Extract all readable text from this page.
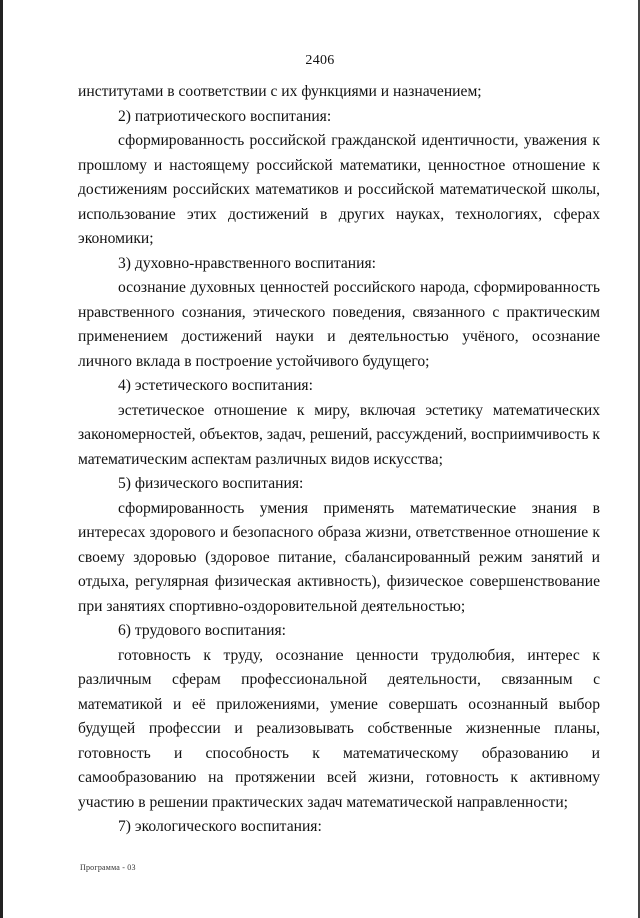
2406

институтами в соответствии с их функциями и назначением;

2) патриотического воспитания:

сформированность российской гражданской идентичности, уважения к прошлому и настоящему российской математики, ценностное отношение к достижениям российских математиков и российской математической школы, использование этих достижений в других науках, технологиях, сферах экономики;

3) духовно-нравственного воспитания:

осознание духовных ценностей российского народа, сформированность нравственного сознания, этического поведения, связанного с практическим применением достижений науки и деятельностью учёного, осознание личного вклада в построение устойчивого будущего;

4) эстетического воспитания:

эстетическое отношение к миру, включая эстетику математических закономерностей, объектов, задач, решений, рассуждений, восприимчивость к математическим аспектам различных видов искусства;

5) физического воспитания:

сформированность умения применять математические знания в интересах здорового и безопасного образа жизни, ответственное отношение к своему здоровью (здоровое питание, сбалансированный режим занятий и отдыха, регулярная физическая активность), физическое совершенствование при занятиях спортивно-оздоровительной деятельностью;

6) трудового воспитания:

готовность к труду, осознание ценности трудолюбия, интерес к различным сферам профессиональной деятельности, связанным с математикой и её приложениями, умение совершать осознанный выбор будущей профессии и реализовывать собственные жизненные планы, готовность и способность к математическому образованию и самообразованию на протяжении всей жизни, готовность к активному участию в решении практических задач математической направленности;

7) экологического воспитания:

Программа - 03
